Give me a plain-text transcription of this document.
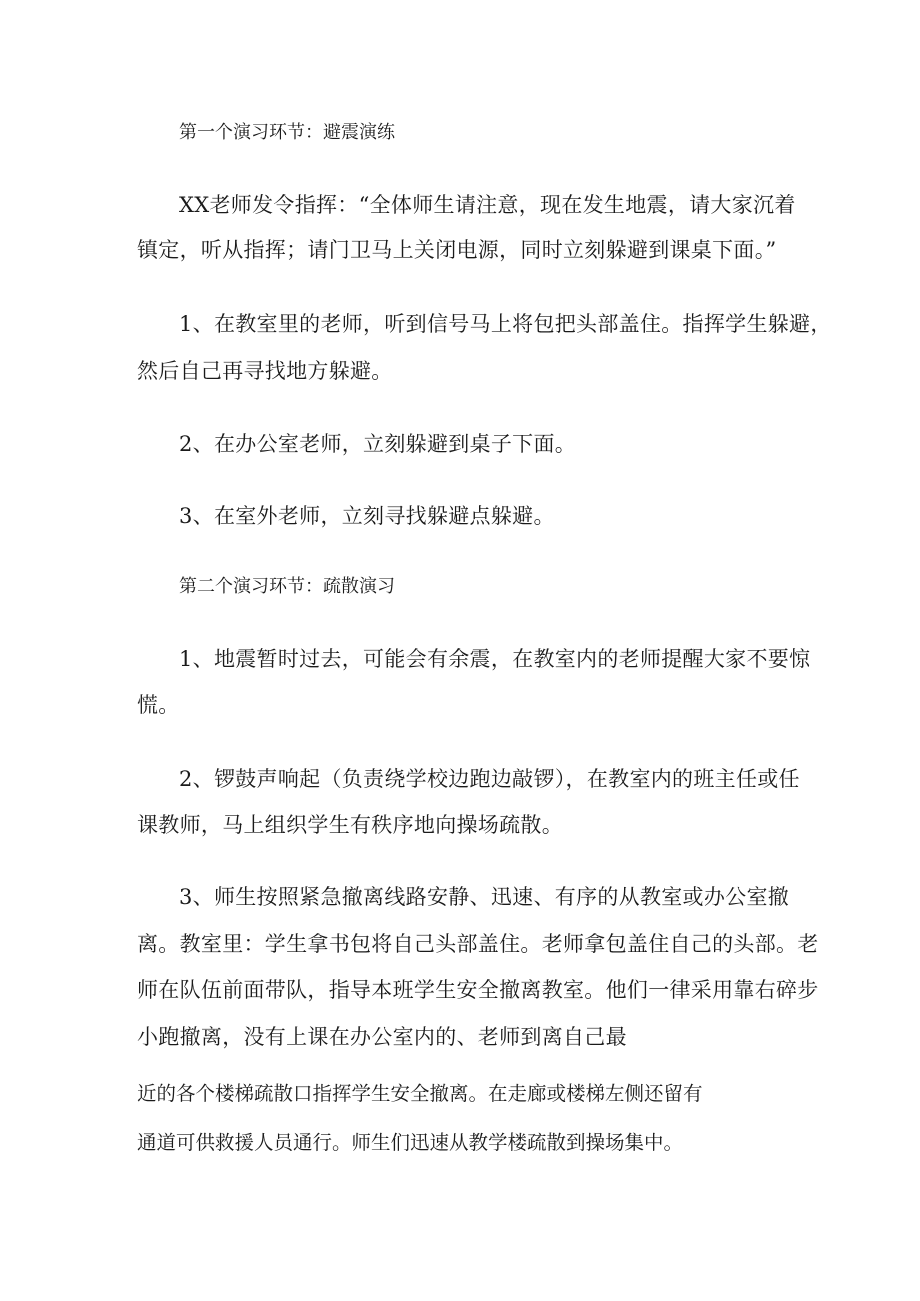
第一个演习环节：避震演练

XX老师发令指挥：“全体师生请注意，现在发生地震，请大家沉着

镇定，听从指挥；请门卫马上关闭电源，同时立刻躲避到课桌下面。”

1、在教室里的老师，听到信号马上将包把头部盖住。指挥学生躲避，

然后自己再寻找地方躲避。

2、在办公室老师，立刻躲避到桌子下面。

3、在室外老师，立刻寻找躲避点躲避。

第二个演习环节：疏散演习

1、地震暂时过去，可能会有余震，在教室内的老师提醒大家不要惊

慌。

2、锣鼓声响起（负责绕学校边跑边敲锣），在教室内的班主任或任

课教师，马上组织学生有秩序地向操场疏散。

3、师生按照紧急撤离线路安静、迅速、有序的从教室或办公室撤

离。教室里：学生拿书包将自己头部盖住。老师拿包盖住自己的头部。老

师在队伍前面带队，指导本班学生安全撤离教室。他们一律采用靠右碎步

小跑撤离，没有上课在办公室内的、老师到离自己最

近的各个楼梯疏散口指挥学生安全撤离。在走廊或楼梯左侧还留有

通道可供救援人员通行。师生们迅速从教学楼疏散到操场集中。
